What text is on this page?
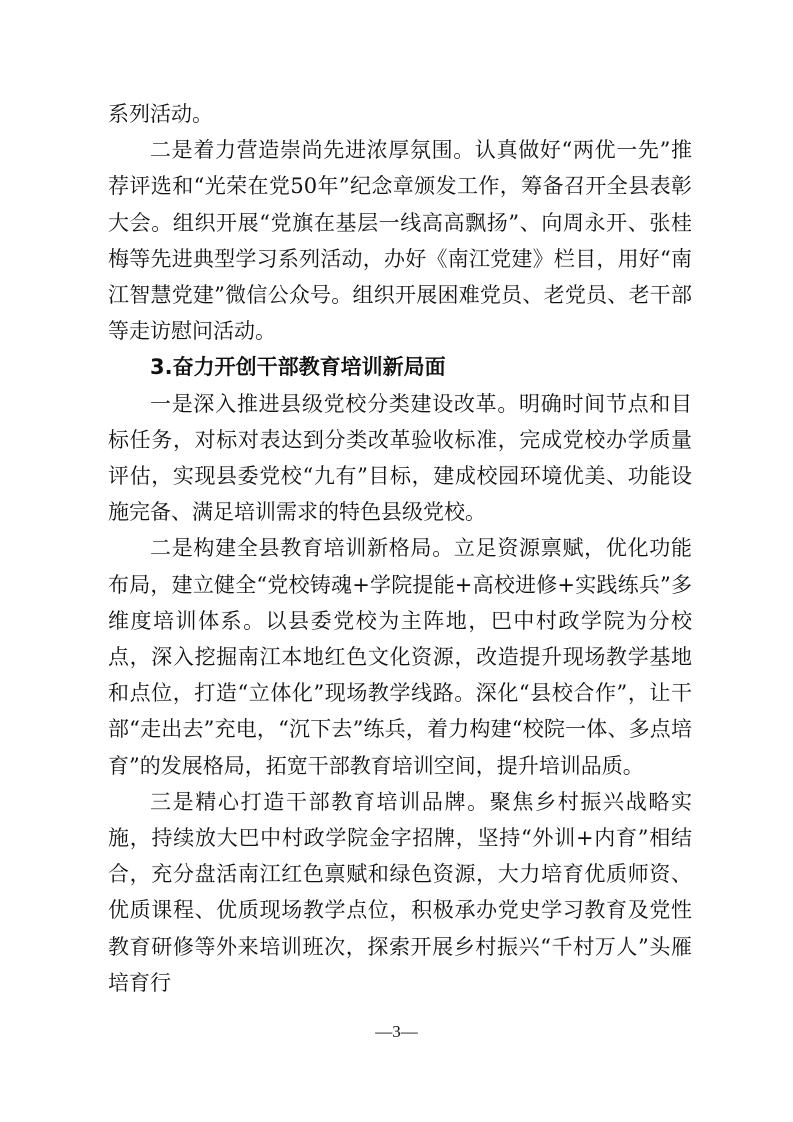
系列活动。

二是着力营造崇尚先进浓厚氛围。认真做好“两优一先”推荐评选和“光荣在党50年”纪念章颁发工作，筹备召开全县表彰大会。组织开展“党旗在基层一线高高飘扬”、向周永开、张桂梅等先进典型学习系列活动，办好《南江党建》栏目，用好“南江智慧党建”微信公众号。组织开展困难党员、老党员、老干部等走访慰问活动。

3.奋力开创干部教育培训新局面

一是深入推进县级党校分类建设改革。明确时间节点和目标任务，对标对表达到分类改革验收标准，完成党校办学质量评估，实现县委党校“九有”目标，建成校园环境优美、功能设施完备、满足培训需求的特色县级党校。

二是构建全县教育培训新格局。立足资源禀赋，优化功能布局，建立健全“党校铸魂+学院提能+高校进修+实践练兵”多维度培训体系。以县委党校为主阵地，巴中村政学院为分校点，深入挖掘南江本地红色文化资源，改造提升现场教学基地和点位，打造“立体化”现场教学线路。深化“县校合作”，让干部“走出去”充电，“沉下去”练兵，着力构建“校院一体、多点培育”的发展格局，拓宽干部教育培训空间，提升培训品质。

三是精心打造干部教育培训品牌。聚焦乡村振兴战略实施，持续放大巴中村政学院金字招牌，坚持“外训+内育”相结合，充分盘活南江红色禀赋和绿色资源，大力培育优质师资、优质课程、优质现场教学点位，积极承办党史学习教育及党性教育研修等外来培训班次，探索开展乡村振兴“千村万人”头雁培育行

—3—
